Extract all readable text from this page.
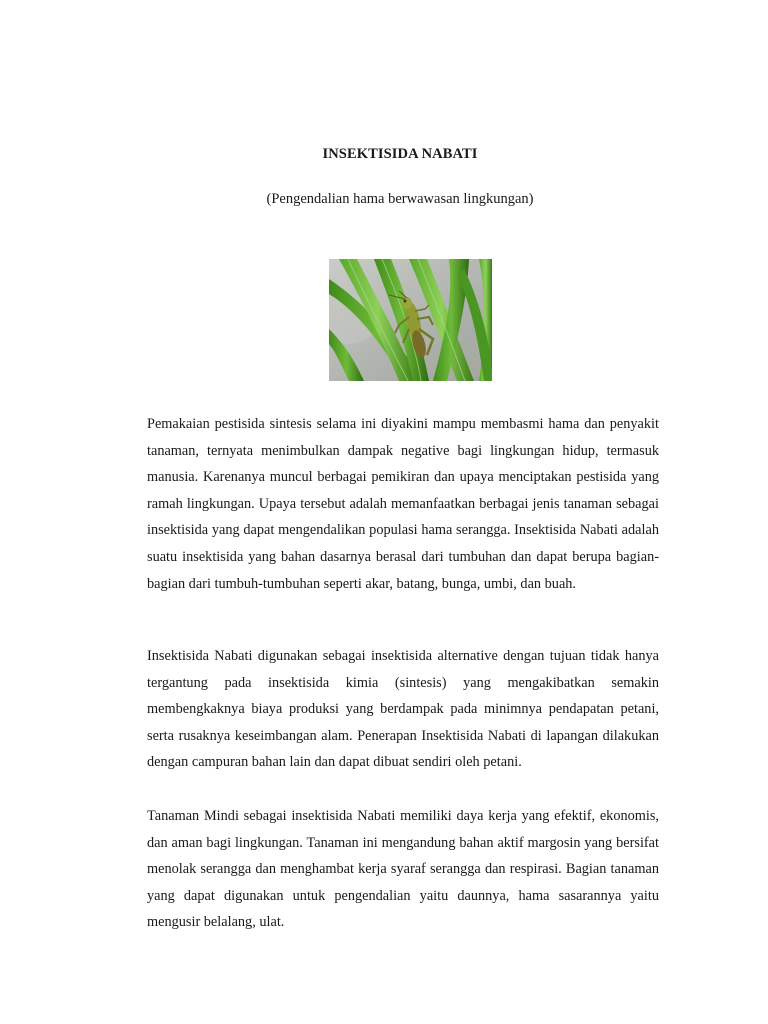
INSEKTISIDA NABATI
(Pengendalian hama berwawasan lingkungan)

Pemakaian pestisida sintesis selama ini diyakini mampu membasmi hama dan penyakit tanaman, ternyata menimbulkan dampak negative bagi lingkungan hidup, termasuk manusia. Karenanya muncul berbagai pemikiran dan upaya menciptakan pestisida yang ramah lingkungan. Upaya tersebut adalah memanfaatkan berbagai jenis tanaman sebagai insektisida yang dapat mengendalikan populasi hama serangga. Insektisida Nabati adalah suatu insektisida yang bahan dasarnya berasal dari tumbuhan dan dapat berupa bagian-bagian dari tumbuh-tumbuhan seperti akar, batang, bunga, umbi, dan buah.

Insektisida Nabati digunakan sebagai insektisida alternative dengan tujuan tidak hanya tergantung pada insektisida kimia (sintesis) yang mengakibatkan semakin membengkaknya biaya produksi yang berdampak pada minimnya pendapatan petani, serta rusaknya keseimbangan alam. Penerapan Insektisida Nabati di lapangan dilakukan dengan campuran bahan lain dan dapat dibuat sendiri oleh petani.

Tanaman Mindi sebagai insektisida Nabati memiliki daya kerja yang efektif, ekonomis, dan aman bagi lingkungan. Tanaman ini mengandung bahan aktif margosin yang bersifat menolak serangga dan menghambat kerja syaraf serangga dan respirasi. Bagian tanaman yang dapat digunakan untuk pengendalian yaitu daunnya, hama sasarannya yaitu mengusir belalang, ulat.
